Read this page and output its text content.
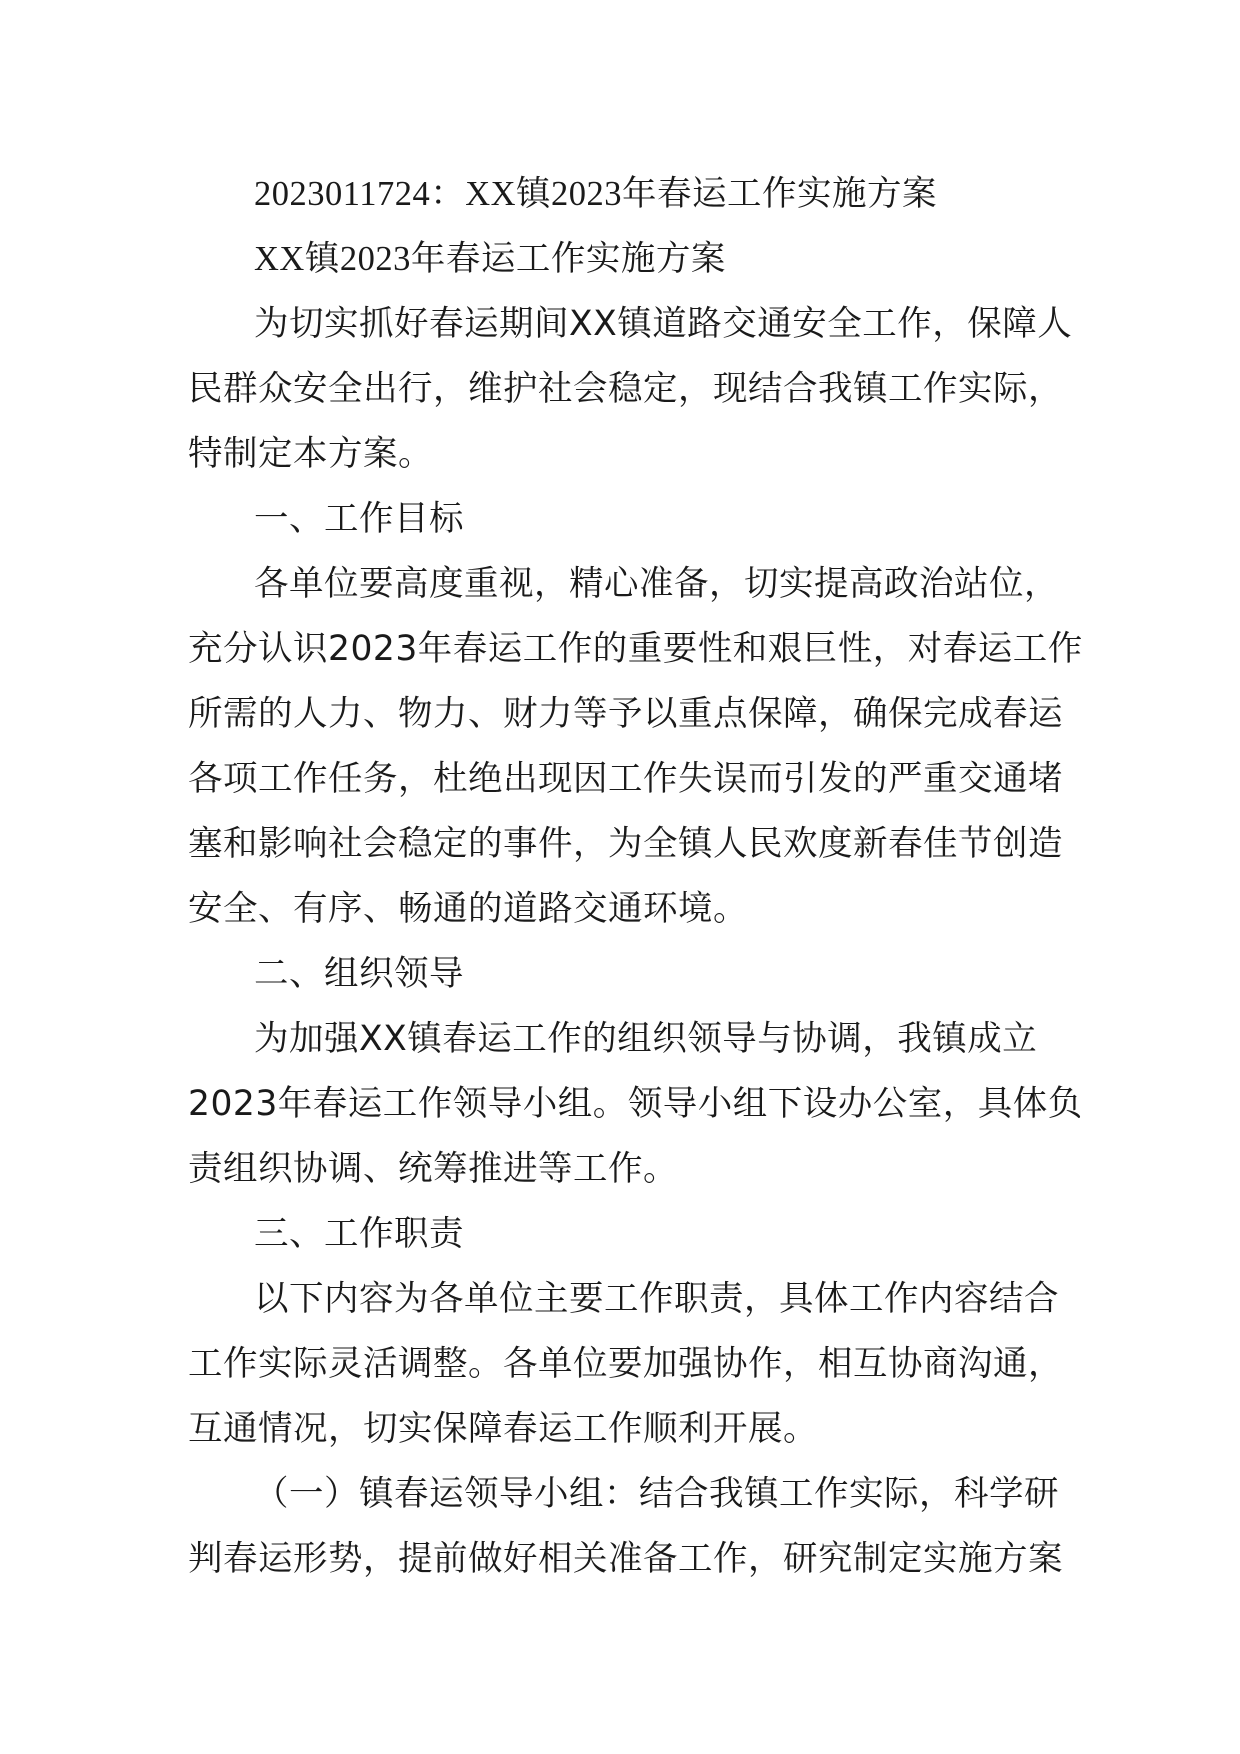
2023011724：XX镇2023年春运工作实施方案
XX镇2023年春运工作实施方案
为切实抓好春运期间XX镇道路交通安全工作，保障人
民群众安全出行，维护社会稳定，现结合我镇工作实际，
特制定本方案。
一、工作目标
各单位要高度重视，精心准备，切实提高政治站位，
充分认识2023年春运工作的重要性和艰巨性，对春运工作
所需的人力、物力、财力等予以重点保障，确保完成春运
各项工作任务，杜绝出现因工作失误而引发的严重交通堵
塞和影响社会稳定的事件，为全镇人民欢度新春佳节创造
安全、有序、畅通的道路交通环境。
二、组织领导
为加强XX镇春运工作的组织领导与协调，我镇成立
2023年春运工作领导小组。领导小组下设办公室，具体负
责组织协调、统筹推进等工作。
三、工作职责
以下内容为各单位主要工作职责，具体工作内容结合
工作实际灵活调整。各单位要加强协作，相互协商沟通，
互通情况，切实保障春运工作顺利开展。
（一）镇春运领导小组：结合我镇工作实际，科学研
判春运形势，提前做好相关准备工作，研究制定实施方案
